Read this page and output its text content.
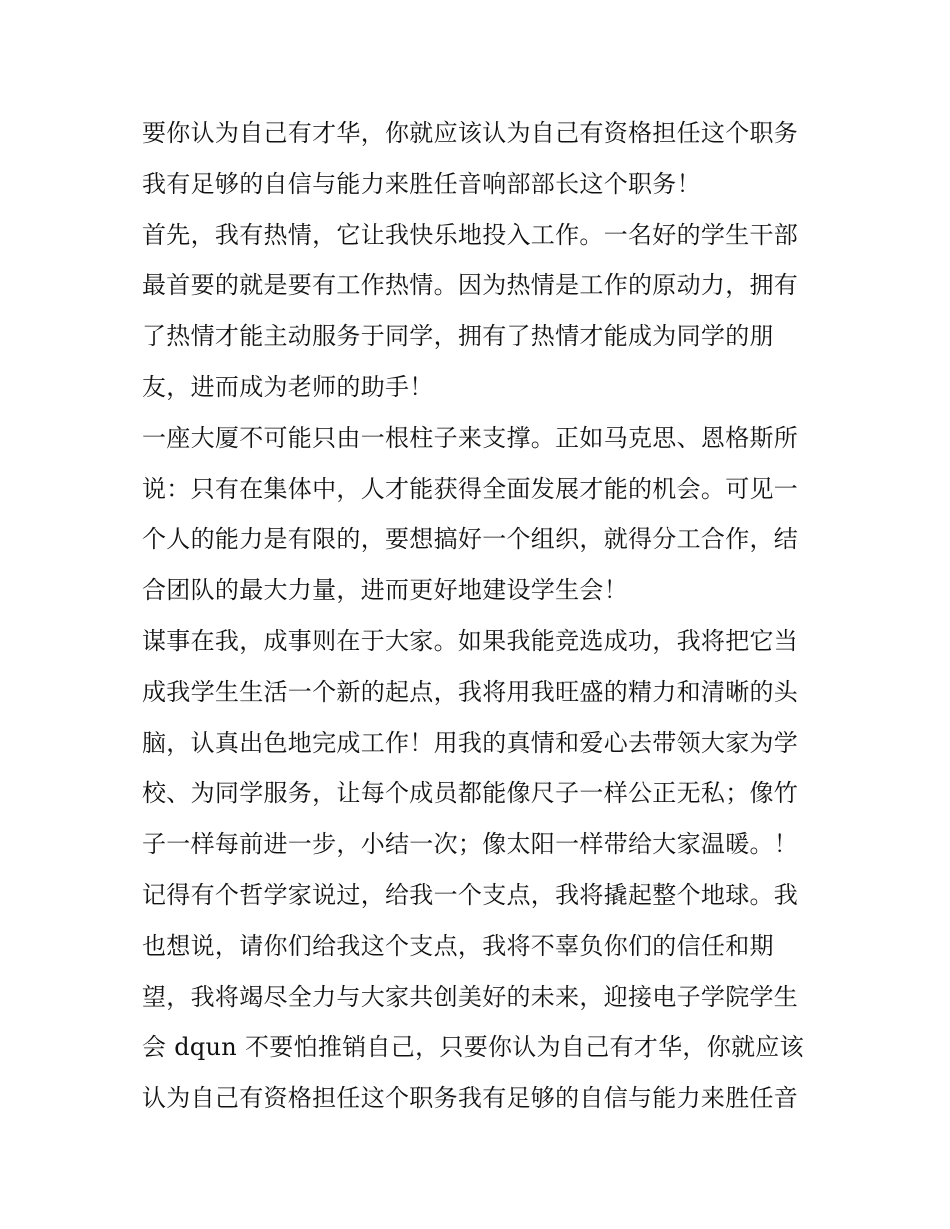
要你认为自己有才华，你就应该认为自己有资格担任这个职务
我有足够的自信与能力来胜任音响部部长这个职务！
首先，我有热情，它让我快乐地投入工作。一名好的学生干部
最首要的就是要有工作热情。因为热情是工作的原动力，拥有
了热情才能主动服务于同学，拥有了热情才能成为同学的朋
友，进而成为老师的助手！
一座大厦不可能只由一根柱子来支撑。正如马克思、恩格斯所
说：只有在集体中，人才能获得全面发展才能的机会。可见一
个人的能力是有限的，要想搞好一个组织，就得分工合作，结
合团队的最大力量，进而更好地建设学生会！
谋事在我，成事则在于大家。如果我能竞选成功，我将把它当
成我学生生活一个新的起点，我将用我旺盛的精力和清晰的头
脑，认真出色地完成工作！用我的真情和爱心去带领大家为学
校、为同学服务，让每个成员都能像尺子一样公正无私；像竹
子一样每前进一步，小结一次；像太阳一样带给大家温暖。！
记得有个哲学家说过，给我一个支点，我将撬起整个地球。我
也想说，请你们给我这个支点，我将不辜负你们的信任和期
望，我将竭尽全力与大家共创美好的未来，迎接电子学院学生
会 dqun 不要怕推销自己，只要你认为自己有才华，你就应该
认为自己有资格担任这个职务我有足够的自信与能力来胜任音
